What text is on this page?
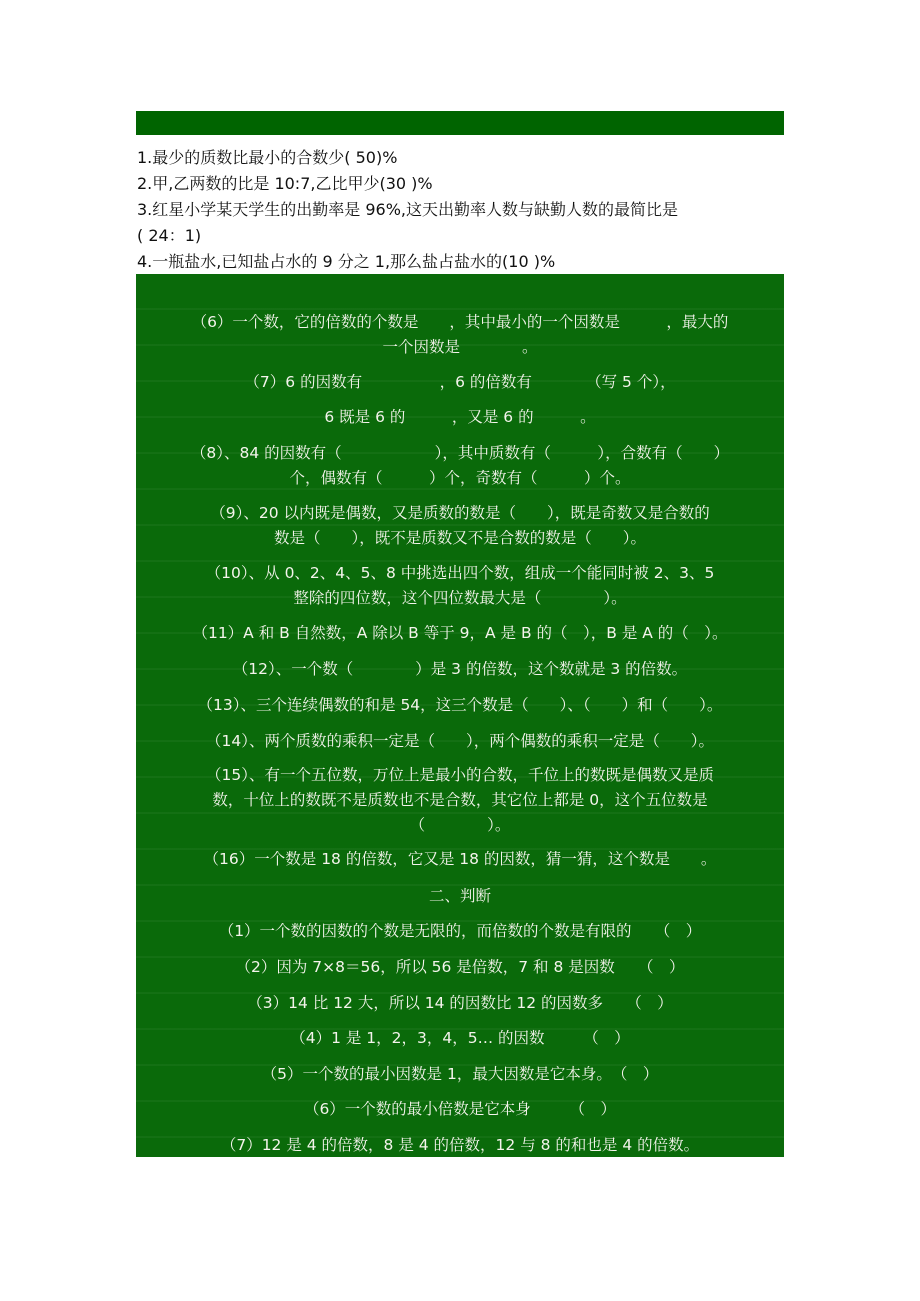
1.最少的质数比最小的合数少( 50)%
2.甲,乙两数的比是 10:7,乙比甲少(30 )%
3.红星小学某天学生的出勤率是 96%,这天出勤率人数与缺勤人数的最简比是
( 24：1)
4.一瓶盐水,已知盐占水的 9 分之 1,那么盐占盐水的(10 )%
（6）一个数，它的倍数的个数是　　，其中最小的一个因数是　　　，最大的
一个因数是　　　　。
（7）6 的因数有　　　　　，6 的倍数有　　　　（写 5 个），
6 既是 6 的　　　，又是 6 的　　　。
（8）、84 的因数有（　　　　　　），其中质数有（　　　），合数有（　　）
个，偶数有（　　　）个，奇数有（　　　）个。
（9）、20 以内既是偶数，又是质数的数是（　　），既是奇数又是合数的
数是（　　），既不是质数又不是合数的数是（　　）。
（10）、从 0、2、4、5、8 中挑选出四个数，组成一个能同时被 2、3、5
整除的四位数，这个四位数最大是（　　　　）。
（11）A 和 B 自然数，A 除以 B 等于 9，A 是 B 的（　），B 是 A 的（　）。
（12）、一个数（　　　　）是 3 的倍数，这个数就是 3 的倍数。
（13）、三个连续偶数的和是 54，这三个数是（　　）、（　　）和（　　）。
（14）、两个质数的乘积一定是（　　），两个偶数的乘积一定是（　　）。
（15）、有一个五位数，万位上是最小的合数，千位上的数既是偶数又是质
数，十位上的数既不是质数也不是合数，其它位上都是 0，这个五位数是
（　　　　）。
（16）一个数是 18 的倍数，它又是 18 的因数，猜一猜，这个数是　　。
二、判断
（1）一个数的因数的个数是无限的，而倍数的个数是有限的　　（　）
（2）因为 7×8＝56，所以 56 是倍数，7 和 8 是因数　　（　）
（3）14 比 12 大，所以 14 的因数比 12 的因数多　　（　）
（4）1 是 1，2，3，4，5… 的因数　　　（　）
（5）一个数的最小因数是 1，最大因数是它本身。　（　）
（6）一个数的最小倍数是它本身　　　（　）
（7）12 是 4 的倍数，8 是 4 的倍数，12 与 8 的和也是 4 的倍数。
